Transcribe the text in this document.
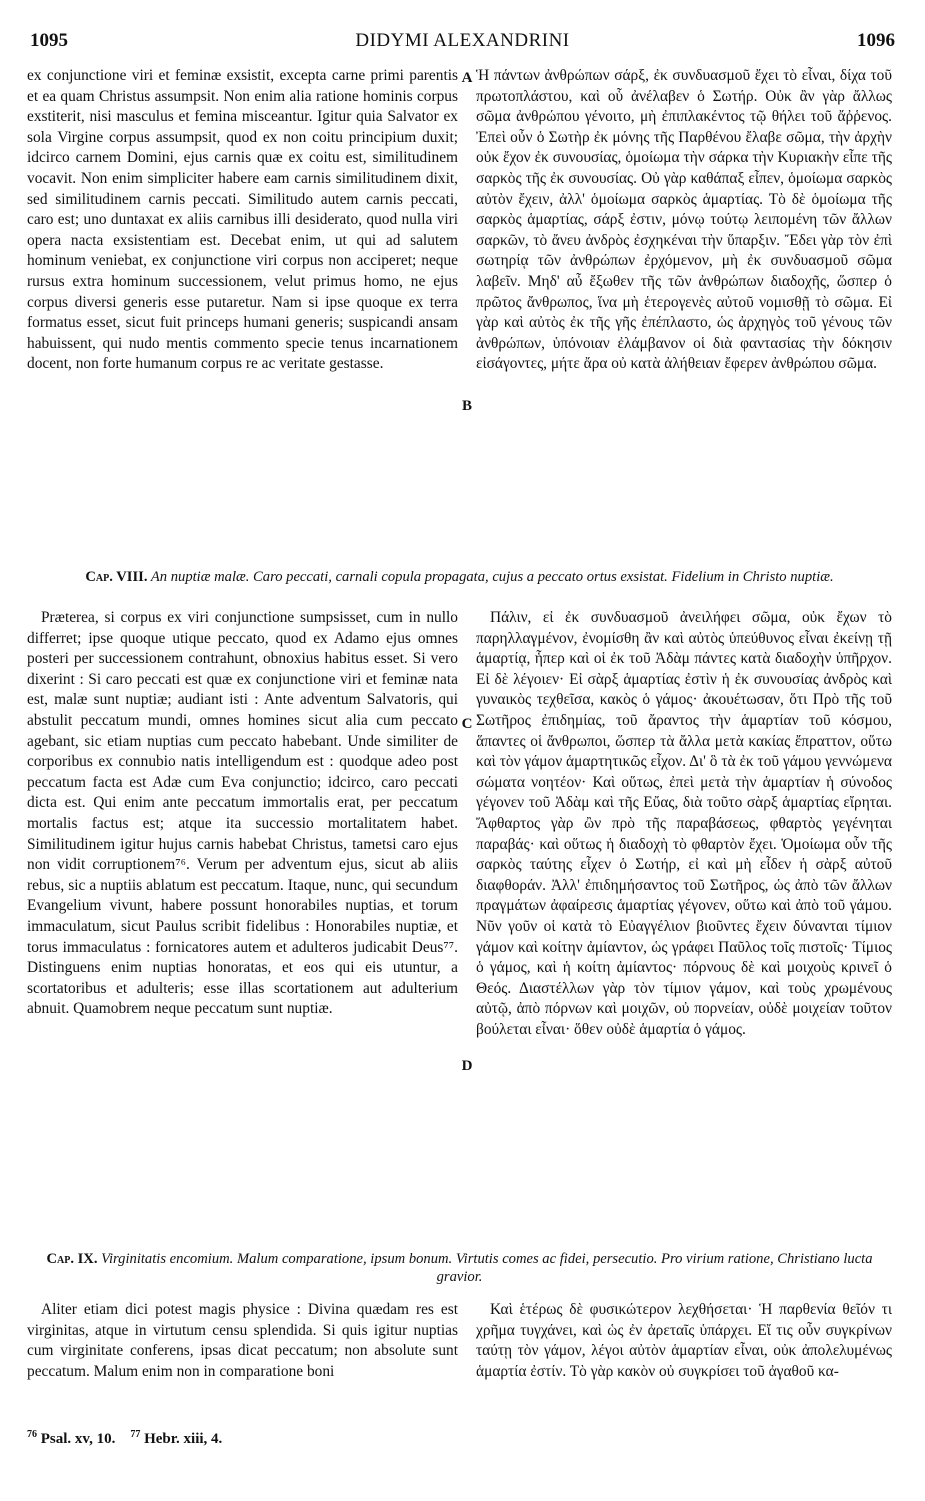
1095	DIDYMI ALEXANDRINI	1096

ex conjunctione viri et feminæ exsistit, excepta carne primi parentis et ea quam Christus assumpsit. Non enim alia ratione hominis corpus exstiterit, nisi masculus et femina misceantur. Igitur quia Salvator ex sola Virgine corpus assumpsit, quod ex non coitu principium duxit; idcirco carnem Domini, ejus carnis quæ ex coitu est, similitudinem vocavit. Non enim simpliciter habere eam carnis similitudinem dixit, sed similitudinem carnis peccati. Similitudo autem carnis peccati, caro est; uno duntaxat ex aliis carnibus illi desiderato, quod nulla viri opera nacta exsistentiam est. Decebat enim, ut qui ad salutem hominum veniebat, ex conjunctione viri corpus non acciperet; neque rursus extra hominum successionem, velut primus homo, ne ejus corpus diversi generis esse putaretur. Nam si ipse quoque ex terra formatus esset, sicut fuit princeps humani generis; suspicandi ansam habuissent, qui nudo mentis commento specie tenus incarnationem docent, non forte humanum corpus re ac veritate gestasse.

Ἡ πάντων ἀνθρώπων σάρξ, ἐκ συνδυασμοῦ ἔχει τὸ εἶναι, δίχα τοῦ πρωτοπλάστου, καὶ οὗ ἀνέλαβεν ὁ Σωτήρ. Οὐκ ἂν γὰρ ἄλλως σῶμα ἀνθρώπου γένοιτο, μὴ ἐπιπλακέντος τῷ θήλει τοῦ ἄῤῥενος. Ἐπεὶ οὖν ὁ Σωτὴρ ἐκ μόνης τῆς Παρθένου ἔλαβε σῶμα, τὴν ἀρχὴν οὐκ ἔχον ἐκ συνουσίας, ὁμοίωμα τὴν σάρκα τὴν Κυριακὴν εἶπε τῆς σαρκὸς τῆς ἐκ συνουσίας. Οὐ γὰρ καθάπαξ εἶπεν, ὁμοίωμα σαρκὸς αὐτὸν ἔχειν, ἀλλ' ὁμοίωμα σαρκὸς ἁμαρτίας. Τὸ δὲ ὁμοίωμα τῆς σαρκὸς ἁμαρτίας, σάρξ ἐστιν, μόνῳ τούτῳ λειπομένη τῶν ἄλλων σαρκῶν, τὸ ἄνευ ἀνδρὸς ἐσχηκέναι τὴν ὕπαρξιν. Ἔδει γὰρ τὸν ἐπὶ σωτηρίᾳ τῶν ἀνθρώπων ἐρχόμενον, μὴ ἐκ συνδυασμοῦ σῶμα λαβεῖν. Μηδ' αὖ ἔξωθεν τῆς τῶν ἀνθρώπων διαδοχῆς, ὥσπερ ὁ πρῶτος ἄνθρωπος, ἵνα μὴ ἑτερογενὲς αὐτοῦ νομισθῇ τὸ σῶμα. Εἰ γὰρ καὶ αὐτὸς ἐκ τῆς γῆς ἐπέπλαστο, ὡς ἀρχηγὸς τοῦ γένους τῶν ἀνθρώπων, ὑπόνοιαν ἐλάμβανον οἱ διὰ φαντασίας τὴν δόκησιν εἰσάγοντες, μήτε ἄρα οὐ κατὰ ἀλήθειαν ἔφερεν ἀνθρώπου σῶμα.

A
B
Cap. VIII. An nuptiæ malæ. Caro peccati, carnali copula propagata, cujus a peccato ortus exsistat. Fidelium in Christo nuptiæ.

Præterea, si corpus ex viri conjunctione sumpsisset, cum in nullo differret; ipse quoque utique peccato, quod ex Adamo ejus omnes posteri per successionem contrahunt, obnoxius habitus esset. Si vero dixerint : Si caro peccati est quæ ex conjunctione viri et feminæ nata est, malæ sunt nuptiæ; audiant isti : Ante adventum Salvatoris, qui abstulit peccatum mundi, omnes homines sicut alia cum peccato agebant, sic etiam nuptias cum peccato habebant. Unde similiter de corporibus ex connubio natis intelligendum est : quodque adeo post peccatum facta est Adæ cum Eva conjunctio; idcirco, caro peccati dicta est. Qui enim ante peccatum immortalis erat, per peccatum mortalis factus est; atque ita successio mortalitatem habet. Similitudinem igitur hujus carnis habebat Christus, tametsi caro ejus non vidit corruptionem⁷⁶. Verum per adventum ejus, sicut ab aliis rebus, sic a nuptiis ablatum est peccatum. Itaque, nunc, qui secundum Evangelium vivunt, habere possunt honorabiles nuptias, et torum immaculatum, sicut Paulus scribit fidelibus : Honorabiles nuptiæ, et torus immaculatus : fornicatores autem et adulteros judicabit Deus⁷⁷. Distinguens enim nuptias honoratas, et eos qui eis utuntur, a scortatoribus et adulteris; esse illas scortationem aut adulterium abnuit. Quamobrem neque peccatum sunt nuptiæ.

Πάλιν, εἰ ἐκ συνδυασμοῦ ἀνειλήφει σῶμα, οὐκ ἔχων τὸ παρηλλαγμένον, ἐνομίσθη ἂν καὶ αὐτὸς ὑπεύθυνος εἶναι ἐκείνῃ τῇ ἁμαρτίᾳ, ἧπερ καὶ οἱ ἐκ τοῦ Ἀδὰμ πάντες κατὰ διαδοχὴν ὑπῆρχον. Εἰ δὲ λέγοιεν· Εἰ σὰρξ ἁμαρτίας ἐστὶν ἡ ἐκ συνουσίας ἀνδρὸς καὶ γυναικὸς τεχθεῖσα, κακὸς ὁ γάμος· ἀκουέτωσαν, ὅτι Πρὸ τῆς τοῦ Σωτῆρος ἐπιδημίας, τοῦ ἄραντος τὴν ἁμαρτίαν τοῦ κόσμου, ἅπαντες οἱ ἄνθρωποι, ὥσπερ τὰ ἄλλα μετὰ κακίας ἔπραττον, οὕτω καὶ τὸν γάμον ἁμαρτητικῶς εἶχον. Δι' ὃ τὰ ἐκ τοῦ γάμου γεννώμενα σώματα νοητέον· Καὶ οὕτως, ἐπεὶ μετὰ τὴν ἁμαρτίαν ἡ σύνοδος γέγονεν τοῦ Ἀδὰμ καὶ τῆς Εὔας, διὰ τοῦτο σὰρξ ἁμαρτίας εἴρηται. Ἄφθαρτος γὰρ ὢν πρὸ τῆς παραβάσεως, φθαρτὸς γεγένηται παραβάς· καὶ οὕτως ἡ διαδοχὴ τὸ φθαρτὸν ἔχει. Ὁμοίωμα οὖν τῆς σαρκὸς ταύτης εἶχεν ὁ Σωτήρ, εἰ καὶ μὴ εἶδεν ἡ σὰρξ αὐτοῦ διαφθοράν. Ἀλλ' ἐπιδημήσαντος τοῦ Σωτῆρος, ὡς ἀπὸ τῶν ἄλλων πραγμάτων ἀφαίρεσις ἁμαρτίας γέγονεν, οὕτω καὶ ἀπὸ τοῦ γάμου. Νῦν γοῦν οἱ κατὰ τὸ Εὐαγγέλιον βιοῦντες ἔχειν δύνανται τίμιον γάμον καὶ κοίτην ἀμίαντον, ὡς γράφει Παῦλος τοῖς πιστοῖς· Τίμιος ὁ γάμος, καὶ ἡ κοίτη ἀμίαντος· πόρνους δὲ καὶ μοιχοὺς κρινεῖ ὁ Θεός. Διαστέλλων γὰρ τὸν τίμιον γάμον, καὶ τοὺς χρωμένους αὐτῷ, ἀπὸ πόρνων καὶ μοιχῶν, οὐ πορνείαν, οὐδὲ μοιχείαν τοῦτον βούλεται εἶναι· ὅθεν οὐδὲ ἁμαρτία ὁ γάμος.

C
D
Cap. IX. Virginitatis encomium. Malum comparatione, ipsum bonum. Virtutis comes ac fidei, persecutio. Pro virium ratione, Christiano lucta gravior.

Aliter etiam dici potest magis physice : Divina quædam res est virginitas, atque in virtutum censu splendida. Si quis igitur nuptias cum virginitate conferens, ipsas dicat peccatum; non absolute sunt peccatum. Malum enim non in comparatione boni

Καὶ ἑτέρως δὲ φυσικώτερον λεχθήσεται· Ἡ παρθενία θεῖόν τι χρῆμα τυγχάνει, καὶ ὡς ἐν ἀρεταῖς ὑπάρχει. Εἴ τις οὖν συγκρίνων ταύτῃ τὸν γάμον, λέγοι αὐτὸν ἁμαρτίαν εἶναι, οὐκ ἀπολελυμένως ἁμαρτία ἐστίν. Τὸ γὰρ κακὸν οὐ συγκρίσει τοῦ ἀγαθοῦ κα-

$^{76}$ Psal. xv, 10. $^{77}$ Hebr. xiii, 4.
